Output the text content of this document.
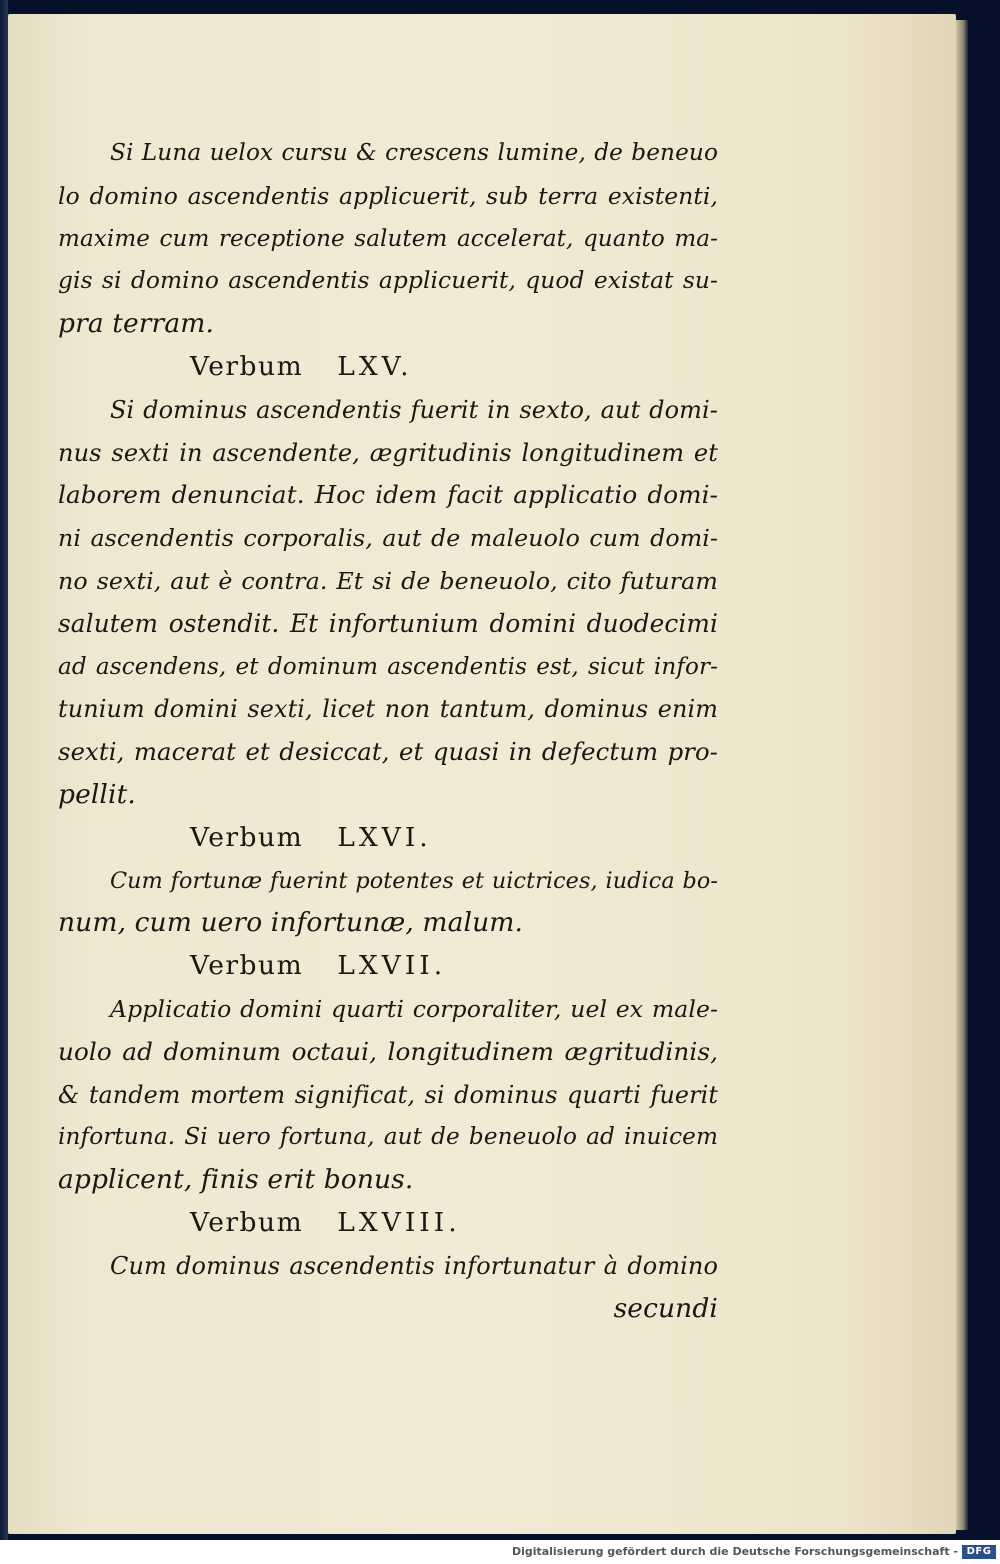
Si Luna uelox cursu & crescens lumine, de beneuo
lo domino ascendentis applicuerit, sub terra existenti,
maxime cum receptione salutem accelerat, quanto ma-
gis si domino ascendentis applicuerit, quod existat su-
pra terram.
Verbum LXV.
Si dominus ascendentis fuerit in sexto, aut domi-
nus sexti in ascendente, ægritudinis longitudinem et
laborem denunciat. Hoc idem facit applicatio domi-
ni ascendentis corporalis, aut de maleuolo cum domi-
no sexti, aut è contra. Et si de beneuolo, cito futuram
salutem ostendit. Et infortunium domini duodecimi
ad ascendens, et dominum ascendentis est, sicut infor-
tunium domini sexti, licet non tantum, dominus enim
sexti, macerat et desiccat, et quasi in defectum pro-
pellit.
Verbum LXVI.
Cum fortunæ fuerint potentes et uictrices, iudica bo-
num, cum uero infortunæ, malum.
Verbum LXVII.
Applicatio domini quarti corporaliter, uel ex male-
uolo ad dominum octaui, longitudinem ægritudinis,
& tandem mortem significat, si dominus quarti fuerit
infortuna. Si uero fortuna, aut de beneuolo ad inuicem
applicent, finis erit bonus.
Verbum LXVIII.
Cum dominus ascendentis infortunatur à domino
secundi
Digitalisierung gefördert durch die Deutsche Forschungsgemeinschaft - DFG
